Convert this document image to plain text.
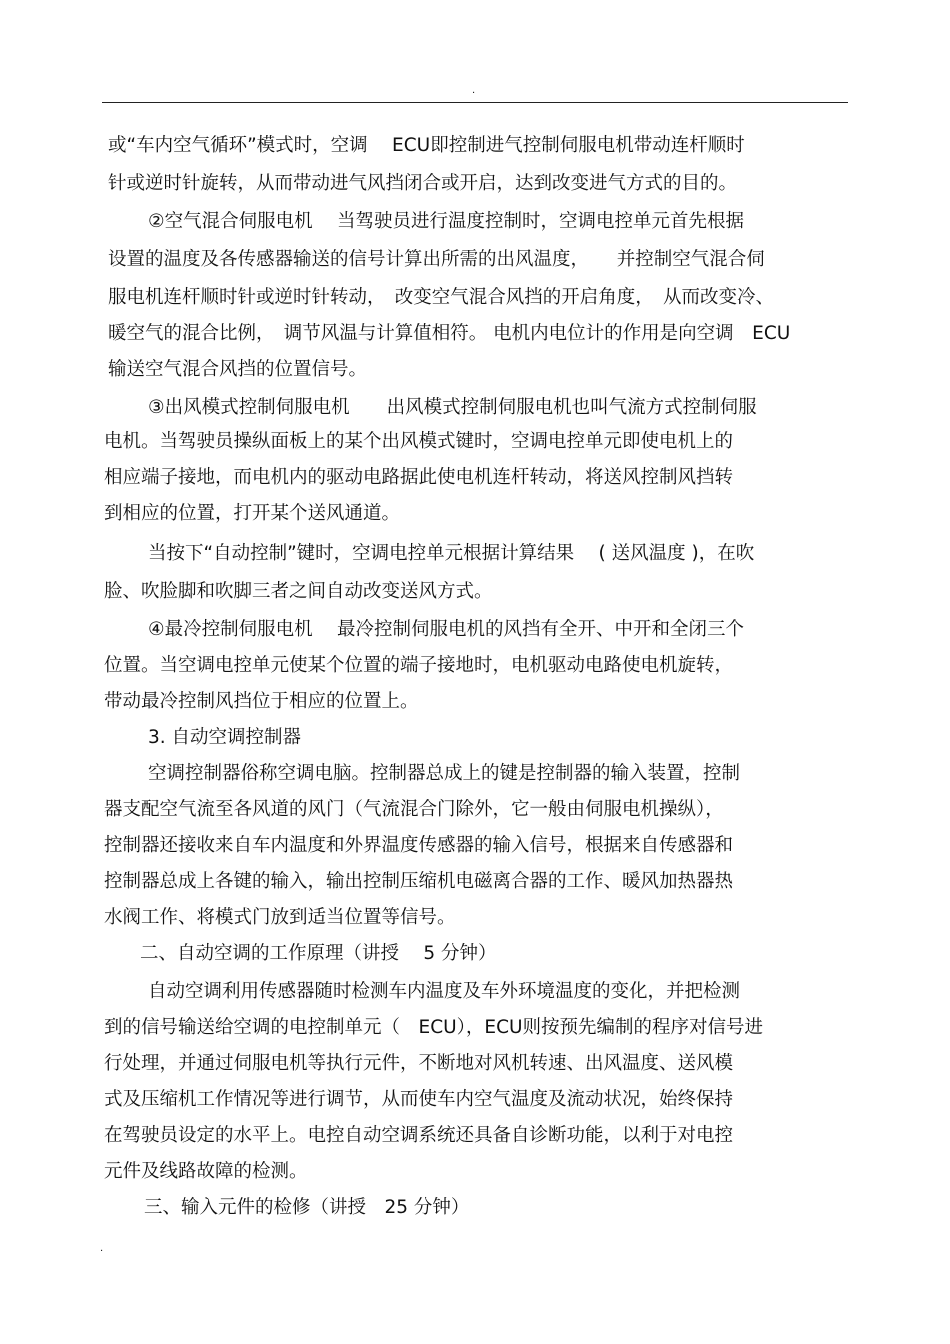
.
或“车内空气循环”模式时，空调　 ECU即控制进气控制伺服电机带动连杆顺时
针或逆时针旋转，从而带动进气风挡闭合或开启，达到改变进气方式的目的。
②空气混合伺服电机　 当驾驶员进行温度控制时，空调电控单元首先根据
设置的温度及各传感器输送的信号计算出所需的出风温度，　　并控制空气混合伺
服电机连杆顺时针或逆时针转动，　改变空气混合风挡的开启角度，　从而改变冷、
暖空气的混合比例，　调节风温与计算值相符。 电机内电位计的作用是向空调　ECU
输送空气混合风挡的位置信号。
③出风模式控制伺服电机　　出风模式控制伺服电机也叫气流方式控制伺服
电机。当驾驶员操纵面板上的某个出风模式键时，空调电控单元即使电机上的
相应端子接地，而电机内的驱动电路据此使电机连杆转动，将送风控制风挡转
到相应的位置，打开某个送风通道。
当按下“自动控制”键时，空调电控单元根据计算结果　 ( 送风温度 )，在吹
脸、吹脸脚和吹脚三者之间自动改变送风方式。
④最冷控制伺服电机　 最冷控制伺服电机的风挡有全开、中开和全闭三个
位置。当空调电控单元使某个位置的端子接地时，电机驱动电路使电机旋转，
带动最冷控制风挡位于相应的位置上。
3. 自动空调控制器
空调控制器俗称空调电脑。控制器总成上的键是控制器的输入装置，控制
器支配空气流至各风道的风门（气流混合门除外，它一般由伺服电机操纵），
控制器还接收来自车内温度和外界温度传感器的输入信号，根据来自传感器和
控制器总成上各键的输入，输出控制压缩机电磁离合器的工作、暖风加热器热
水阀工作、将模式门放到适当位置等信号。
二、自动空调的工作原理（讲授　 5 分钟）
自动空调利用传感器随时检测车内温度及车外环境温度的变化，并把检测
到的信号输送给空调的电控制单元（　ECU），ECU则按预先编制的程序对信号进
行处理，并通过伺服电机等执行元件，不断地对风机转速、出风温度、送风模
式及压缩机工作情况等进行调节，从而使车内空气温度及流动状况，始终保持
在驾驶员设定的水平上。电控自动空调系统还具备自诊断功能，以利于对电控
元件及线路故障的检测。
三、输入元件的检修（讲授　25 分钟）
.
